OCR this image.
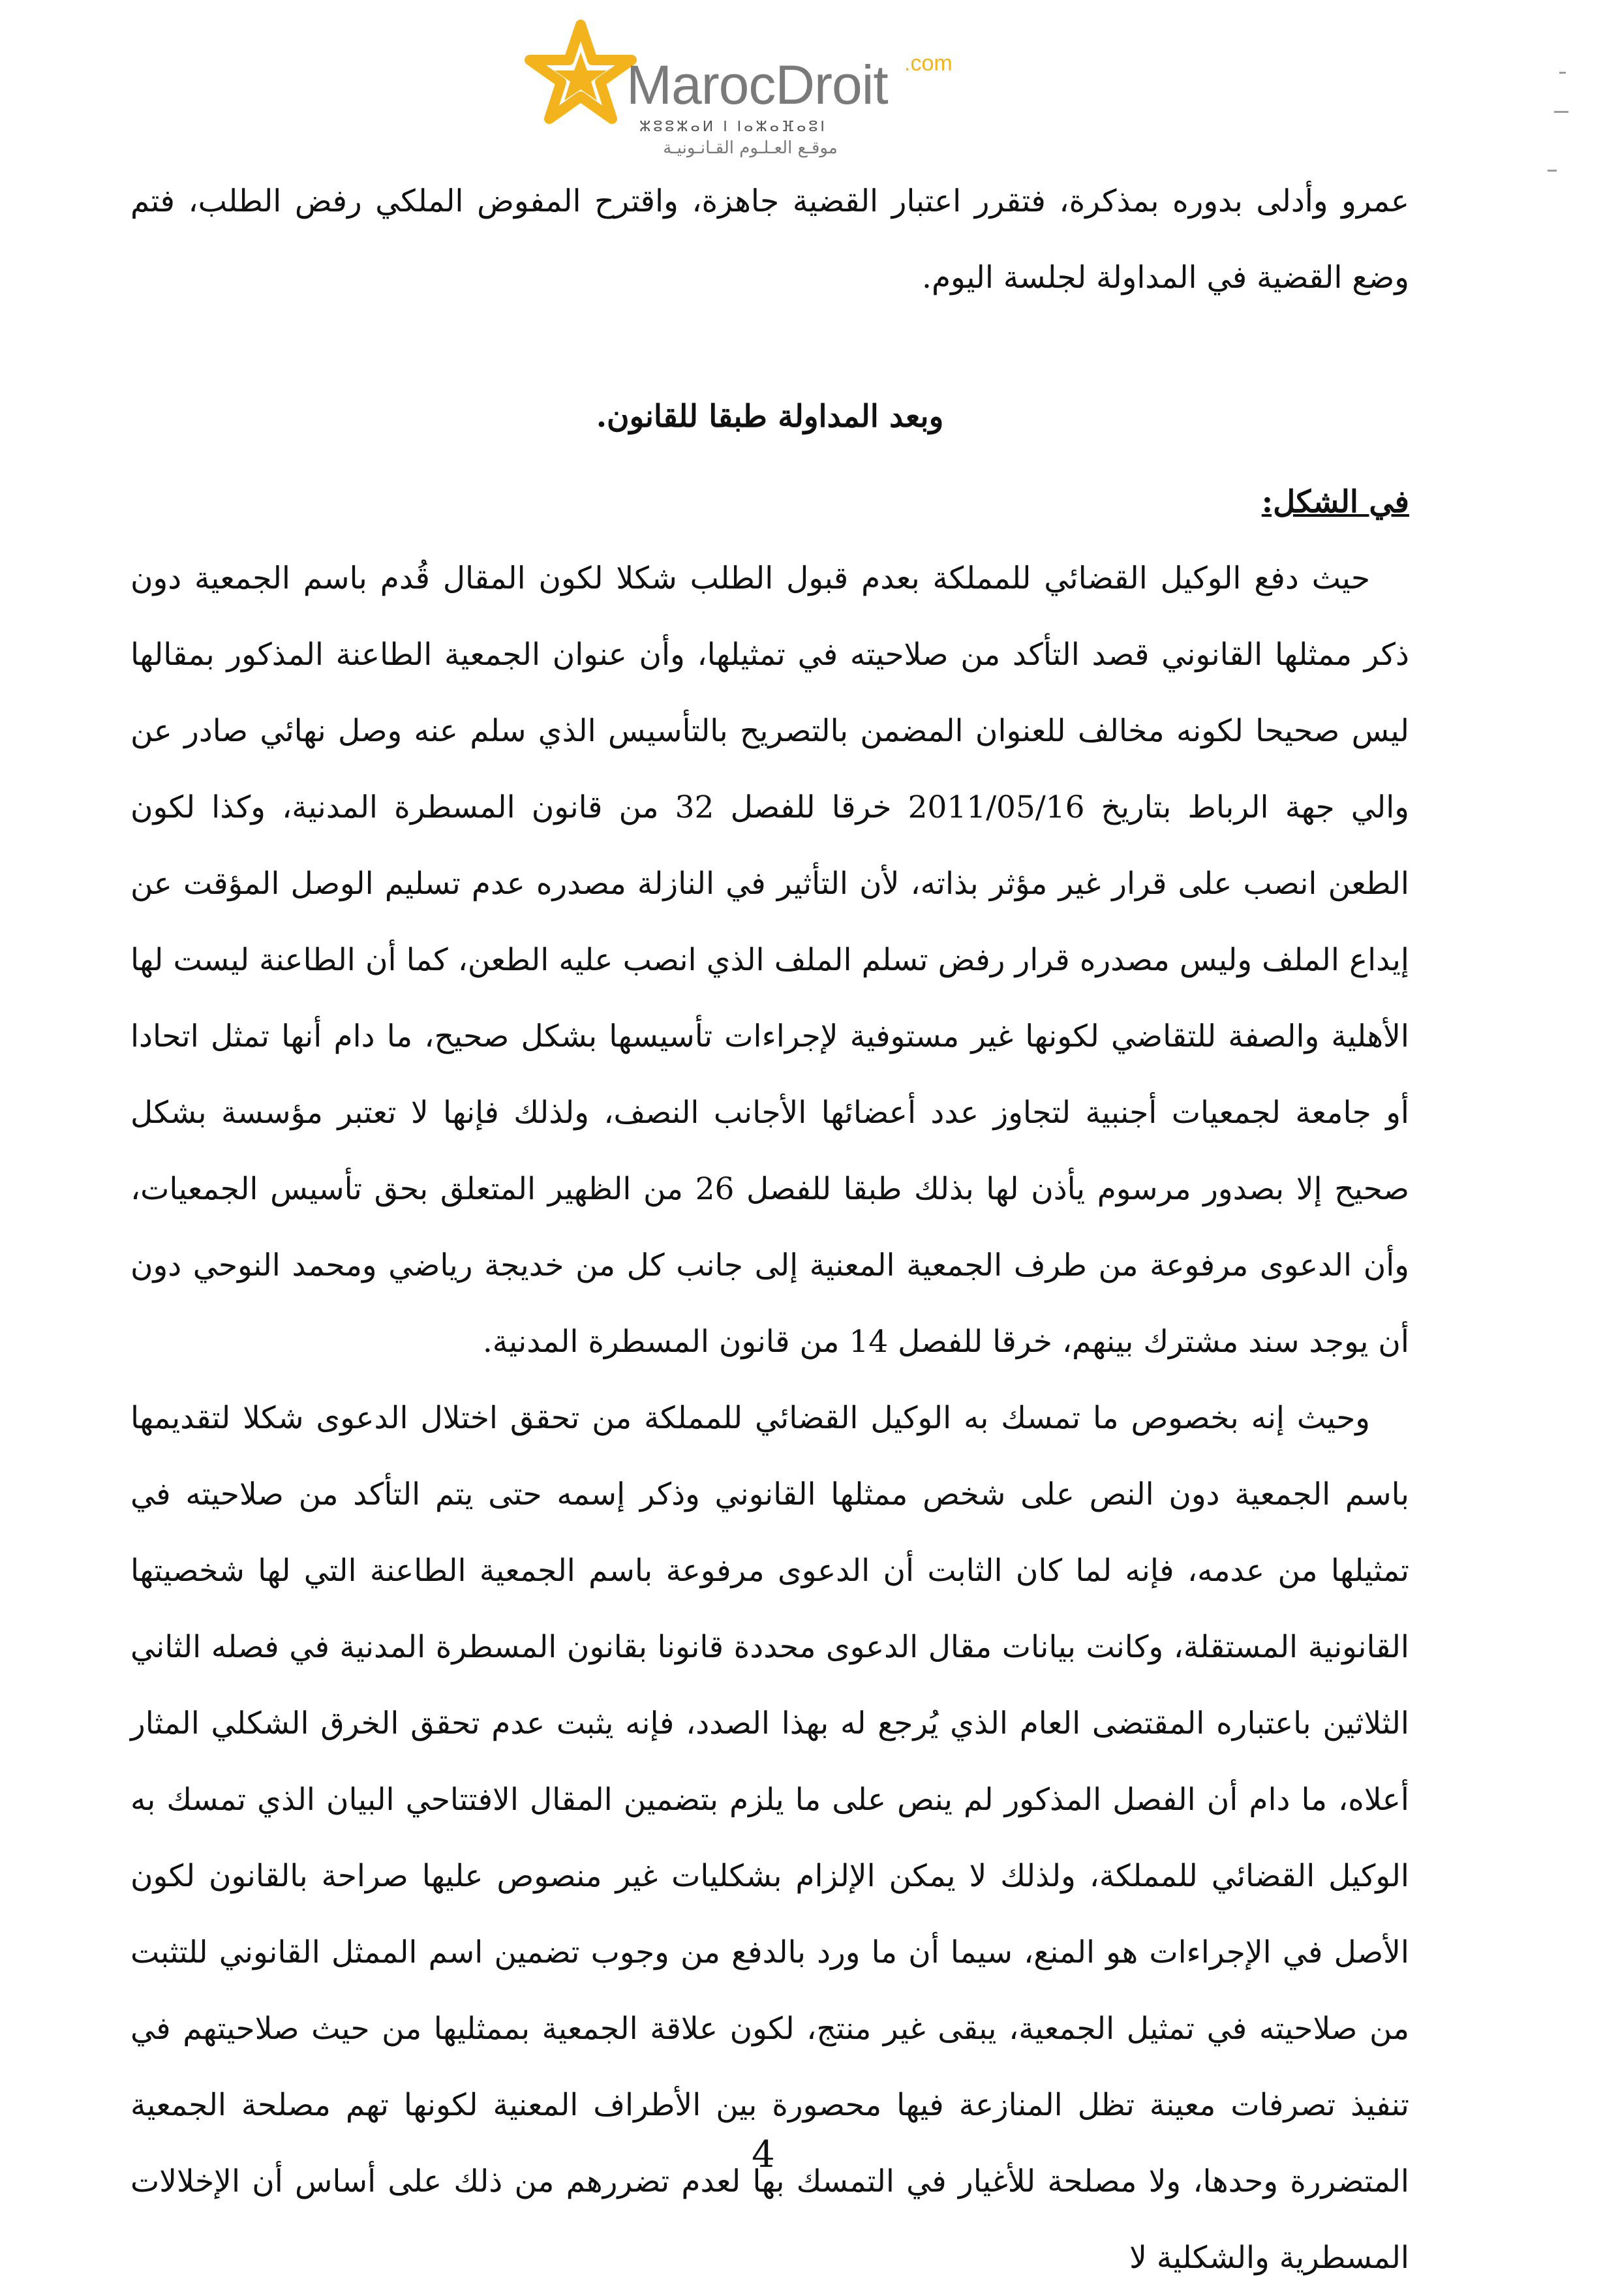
MarocDroit .com
ⵣⵓⵓⵣⴰⵍ ⵏ ⵏⴰⵣⴰⴼⴰⵓⵏ
موقـع العـلـوم القـانـونيـة

عمرو وأدلى بدوره بمذكرة، فتقرر اعتبار القضية جاهزة، واقترح المفوض الملكي رفض الطلب، فتم وضع القضية في المداولة لجلسة اليوم.

وبعد المداولة طبقا للقانون.

في الشكل:

حيث دفع الوكيل القضائي للمملكة بعدم قبول الطلب شكلا لكون المقال قُدم باسم الجمعية دون ذكر ممثلها القانوني قصد التأكد من صلاحيته في تمثيلها، وأن عنوان الجمعية الطاعنة المذكور بمقالها ليس صحيحا لكونه مخالف للعنوان المضمن بالتصريح بالتأسيس الذي سلم عنه وصل نهائي صادر عن والي جهة الرباط بتاريخ 2011/05/16 خرقا للفصل 32 من قانون المسطرة المدنية، وكذا لكون الطعن انصب على قرار غير مؤثر بذاته، لأن التأثير في النازلة مصدره عدم تسليم الوصل المؤقت عن إيداع الملف وليس مصدره قرار رفض تسلم الملف الذي انصب عليه الطعن، كما أن الطاعنة ليست لها الأهلية والصفة للتقاضي لكونها غير مستوفية لإجراءات تأسيسها بشكل صحيح، ما دام أنها تمثل اتحادا أو جامعة لجمعيات أجنبية لتجاوز عدد أعضائها الأجانب النصف، ولذلك فإنها لا تعتبر مؤسسة بشكل صحيح إلا بصدور مرسوم يأذن لها بذلك طبقا للفصل 26 من الظهير المتعلق بحق تأسيس الجمعيات، وأن الدعوى مرفوعة من طرف الجمعية المعنية إلى جانب كل من خديجة رياضي ومحمد النوحي دون أن يوجد سند مشترك بينهم، خرقا للفصل 14 من قانون المسطرة المدنية.

وحيث إنه بخصوص ما تمسك به الوكيل القضائي للمملكة من تحقق اختلال الدعوى شكلا لتقديمها باسم الجمعية دون النص على شخص ممثلها القانوني وذكر إسمه حتى يتم التأكد من صلاحيته في تمثيلها من عدمه، فإنه لما كان الثابت أن الدعوى مرفوعة باسم الجمعية الطاعنة التي لها شخصيتها القانونية المستقلة، وكانت بيانات مقال الدعوى محددة قانونا بقانون المسطرة المدنية في فصله الثاني الثلاثين باعتباره المقتضى العام الذي يُرجع له بهذا الصدد، فإنه يثبت عدم تحقق الخرق الشكلي المثار أعلاه، ما دام أن الفصل المذكور لم ينص على ما يلزم بتضمين المقال الافتتاحي البيان الذي تمسك به الوكيل القضائي للمملكة، ولذلك لا يمكن الإلزام بشكليات غير منصوص عليها صراحة بالقانون لكون الأصل في الإجراءات هو المنع، سيما أن ما ورد بالدفع من وجوب تضمين اسم الممثل القانوني للتثبت من صلاحيته في تمثيل الجمعية، يبقى غير منتج، لكون علاقة الجمعية بممثليها من حيث صلاحيتهم في تنفيذ تصرفات معينة تظل المنازعة فيها محصورة بين الأطراف المعنية لكونها تهم مصلحة الجمعية المتضررة وحدها، ولا مصلحة للأغيار في التمسك بها لعدم تضررهم من ذلك على أساس أن الإخلالات المسطرية والشكلية لا

4
